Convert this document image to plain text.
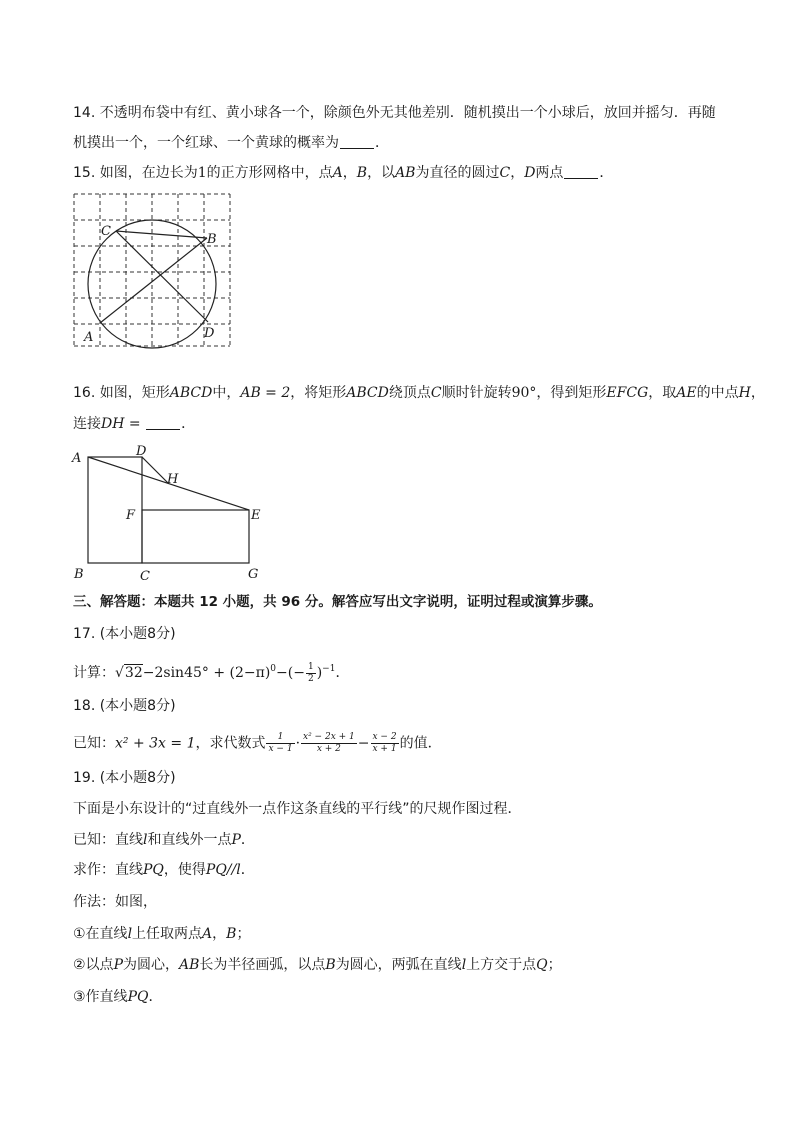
14. 不透明布袋中有红、黄小球各一个，除颜色外无其他差别．随机摸出一个小球后，放回并摇匀．再随
机摸出一个，一个红球、一个黄球的概率为	．
15. 如图，在边长为1的正方形网格中，点A，B，以AB为直径的圆过C，D两点	．
C
B
A	D
16. 如图，矩形ABCD中，AB = 2，将矩形ABCD绕顶点C顺时针旋转90°，得到矩形EFCG，取AE的中点H，
连接DH =	．
A	D
H
F	E
B	C	G
三、解答题：本题共 12 小题，共 96 分。解答应写出文字说明，证明过程或演算步骤。
17. (本小题8分)
计算：$√32-2\sin 45^\circ + (2-\pi)^0-(- \frac{1}{2} )^{-1}$．
18. (本小题8分)
已知：x² + 3x = 1，求代数式 $\frac{1}{x - 1} \cdot \frac{\text{x² − 2x + 1}}{x + 2} - \frac{x - 2}{x + 1}$ 的值．
19. (本小题8分)
下面是小东设计的“过直线外一点作这条直线的平行线”的尺规作图过程．
已知：直线l和直线外一点P．
求作：直线PQ，使得PQ//l．
作法：如图，
①在直线l上任取两点A，B；
②以点P为圆心，AB长为半径画弧，以点B为圆心，两弧在直线l上方交于点Q；
③作直线PQ．
